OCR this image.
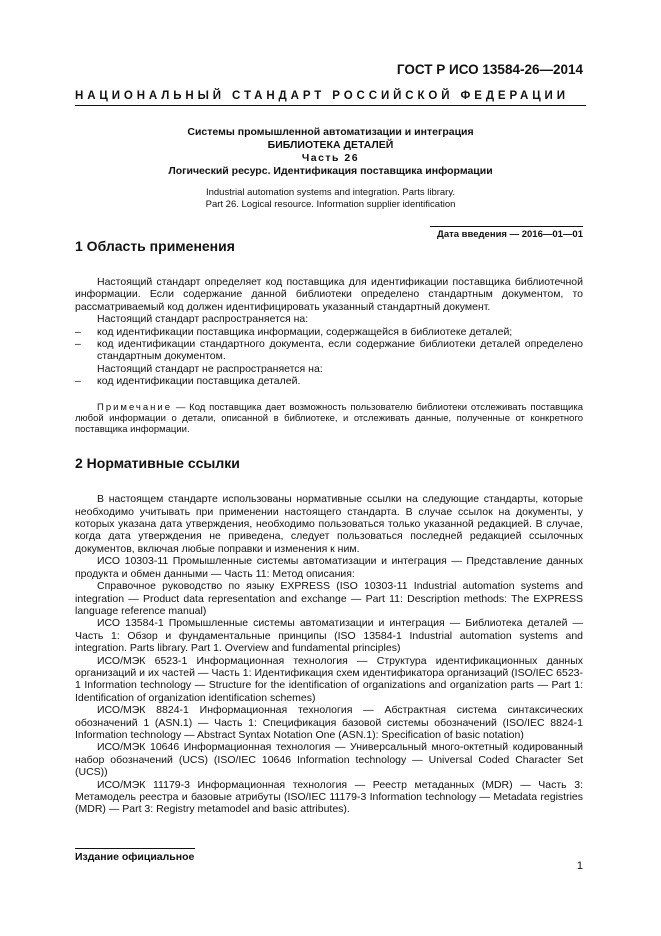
ГОСТ Р ИСО 13584-26—2014
НАЦИОНАЛЬНЫЙ СТАНДАРТ РОССИЙСКОЙ ФЕДЕРАЦИИ
Системы промышленной автоматизации и интеграция
БИБЛИОТЕКА ДЕТАЛЕЙ
Часть 26
Логический ресурс. Идентификация поставщика информации
Industrial automation systems and integration. Parts library.
Part 26. Logical resource. Information supplier identification
Дата введения — 2016—01—01
1 Область применения

Настоящий стандарт определяет код поставщика для идентификации поставщика библиотечной информации. Если содержание данной библиотеки определено стандартным документом, то рассматриваемый код должен идентифицировать указанный стандартный документ.

Настоящий стандарт распространяется на:

–	код идентификации поставщика информации, содержащейся в библиотеке деталей;
–	код идентификации стандартного документа, если содержание библиотеки деталей определено стандартным документом.

Настоящий стандарт не распространяется на:

–	код идентификации поставщика деталей.
Примечание — Код поставщика дает возможность пользователю библиотеки отслеживать поставщика любой информации о детали, описанной в библиотеке, и отслеживать данные, полученные от конкретного поставщика информации.
2 Нормативные ссылки

В настоящем стандарте использованы нормативные ссылки на следующие стандарты, которые необходимо учитывать при применении настоящего стандарта. В случае ссылок на документы, у которых указана дата утверждения, необходимо пользоваться только указанной редакцией. В случае, когда дата утверждения не приведена, следует пользоваться последней редакцией ссылочных документов, включая любые поправки и изменения к ним.

ИСО 10303-11 Промышленные системы автоматизации и интеграция — Представление данных продукта и обмен данными — Часть 11: Метод описания:

Справочное руководство по языку EXPRESS (ISO 10303-11 Industrial automation systems and integration — Product data representation and exchange — Part 11: Description methods: The EXPRESS language reference manual)

ИСО 13584-1 Промышленные системы автоматизации и интеграция — Библиотека деталей — Часть 1: Обзор и фундаментальные принципы (ISO 13584-1 Industrial automation systems and integration. Parts library. Part 1. Overview and fundamental principles)

ИСО/МЭК 6523-1 Информационная технология — Структура идентификационных данных организаций и их частей — Часть 1: Идентификация схем идентификатора организаций (ISO/IEC 6523-1 Information technology — Structure for the identification of organizations and organization parts — Part 1: Identification of organization identification schemes)

ИСО/МЭК 8824-1 Информационная технология — Абстрактная система синтаксических обозначений 1 (ASN.1) — Часть 1: Спецификация базовой системы обозначений (ISO/IEC 8824-1 Information technology — Abstract Syntax Notation One (ASN.1): Specification of basic notation)

ИСО/МЭК 10646 Информационная технология — Универсальный много-октетный кодированный набор обозначений (UCS) (ISO/IEC 10646 Information technology — Universal Coded Character Set (UCS))

ИСО/МЭК 11179-3 Информационная технология — Реестр метаданных (MDR) — Часть 3: Метамодель реестра и базовые атрибуты (ISO/IEC 11179-3 Information technology — Metadata registries (MDR) — Part 3: Registry metamodel and basic attributes).

Издание официальное
1
